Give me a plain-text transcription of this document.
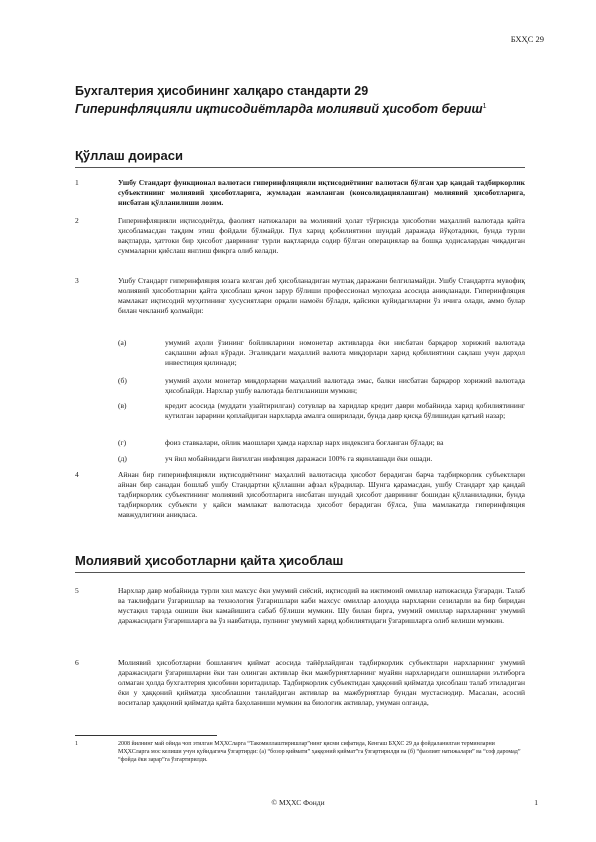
БХҲС 29

Бухгалтерия ҳисобининг халқаро стандарти 29

Гиперинфляцияли иқтисодиётларда молиявий ҳисобот бериш$^1$

Қўллаш доираси
1	Ушбу Стандарт функционал валютаси гиперинфляцияли иқтисодиётнинг валютаси бўлган ҳар қандай тадбиркорлик субъектининг молиявий ҳисоботларига, жумладан жамланган (консолидациялашган) молиявий ҳисоботларига, нисбатан қўлланилиши лозим.
2	Гиперинфляцияли иқтисодиётда, фаолият натижалари ва молиявий ҳолат тўғрисида ҳисоботни маҳаллий валютада қайта ҳисобламасдан тақдим этиш фойдали бўлмайди. Пул харид қобилиятини шундай даражада йўқотадики, бунда турли вақтларда, ҳаттоки бир ҳисобот даврининг турли вақтларида содир бўлган операциялар ва бошқа ҳодисалардан чиқадиган суммаларни қиёслаш янглиш фикрга олиб келади.
3	Ушбу Стандарт гиперинфляция юзага келган деб ҳисобланадиган мутлақ даражани белгиламайди. Ушбу Стандартга мувофиқ молиявий ҳисоботларни қайта ҳисоблаш қачон зарур бўлиши профессионал мулоҳаза асосида аниқланади. Гиперинфляция мамлакат иқтисодий муҳитининг хусусиятлари орқали намоён бўлади, қайсики қуйидагиларни ўз ичига олади, аммо булар билан чекланиб қолмайди:
(а)	умумий аҳоли ўзининг бойликларини номонетар активларда ёки нисбатан барқарор хорижий валютада сақлашни афзал кўради. Эгаликдаги маҳаллий валюта миқдорлари харид қобилиятини сақлаш учун дарҳол инвестиция қилинади;
(б)	умумий аҳоли монетар миқдорларни маҳаллий валютада эмас, балки нисбатан барқарор хорижий валютада ҳисоблайди. Нархлар ушбу валютада белгиланиши мумкин;
(в)	кредит асосида (муддати узайтирилган) сотувлар ва харидлар кредит даври мобайнида харид қобилиятининг кутилган зарарини қоплайдиган нархларда амалга оширилади, бунда давр қисқа бўлишидан қатъий назар;
(г)	фоиз ставкалари, ойлик маошлари ҳамда нархлар нарх индексига боғланган бўлади; ва
(д)	уч йил мобайнидаги йиғилган инфляция даражаси 100% га яқинлашади ёки ошади.
4	Айнан бир гиперинфляцияли иқтисодиётнинг маҳаллий валютасида ҳисобот берадиган барча тадбиркорлик субъектлари айнан бир санадан бошлаб ушбу Стандартни қўллашни афзал кўрадилар. Шунга қарамасдан, ушбу Стандарт ҳар қандай тадбиркорлик субъектининг молиявий ҳисоботларига нисбатан шундай ҳисобот даврининг бошидан қўлланиладики, бунда тадбиркорлик субъекти у қайси мамлакат валютасида ҳисобот берадиган бўлса, ўша мамлакатда гиперинфляция мавжудлигини аниқласа.
Молиявий ҳисоботларни қайта ҳисоблаш
5	Нархлар давр мобайнида турли хил махсус ёки умумий сиёсий, иқтисодий ва ижтимоий омиллар натижасида ўзгаради. Талаб ва таклифдаги ўзгаришлар ва технология ўзгаришлари каби махсус омиллар алоҳида нархларни сезиларли ва бир биридан мустақил тарзда ошиши ёки камайишига сабаб бўлиши мумкин. Шу билан бирга, умумий омиллар нархларнинг умумий даражасидаги ўзгаришларга ва ўз навбатида, пулнинг умумий харид қобилиятидаги ўзгаришларга олиб келиши мумкин.
6	Молиявий ҳисоботларни бошланғич қиймат асосида тайёрлайдиган тадбиркорлик субъектлари нархларнинг умумий даражасидаги ўзгаришларни ёки тан олинган активлар ёки мажбуриятларнинг муайян нархларидаги ошишларни эътиборга олмаган ҳолда бухгалтерия ҳисобини юритадилар. Тадбиркорлик субъектидан ҳаққоний қийматда ҳисоблаш талаб этиладиган ёки у ҳаққоний қийматда ҳисоблашни танлайдиган активлар ва мажбуриятлар бундан мустаснодир. Масалан, асосий воситалар ҳаққоний қийматда қайта баҳоланиши мумкин ва биологик активлар, умуман олганда,
1	2008 йилнинг май ойида чоп этилган МҲХСларга “Такомиллаштиришлар”нинг қисми сифатида, Кенгаш БҲХС 29 да фойдаланилган терминларни МҲХСларга мос келиши учун қуйидагича ўзгартирди: (а) “бозор қиймати” ҳаққоний қиймат”га ўзгартирилди ва (б) “фаолият натижалари” ва “соф даромад” “фойда ёки зарар”га ўзгартирилди.
© МҲХС Фонди	1
